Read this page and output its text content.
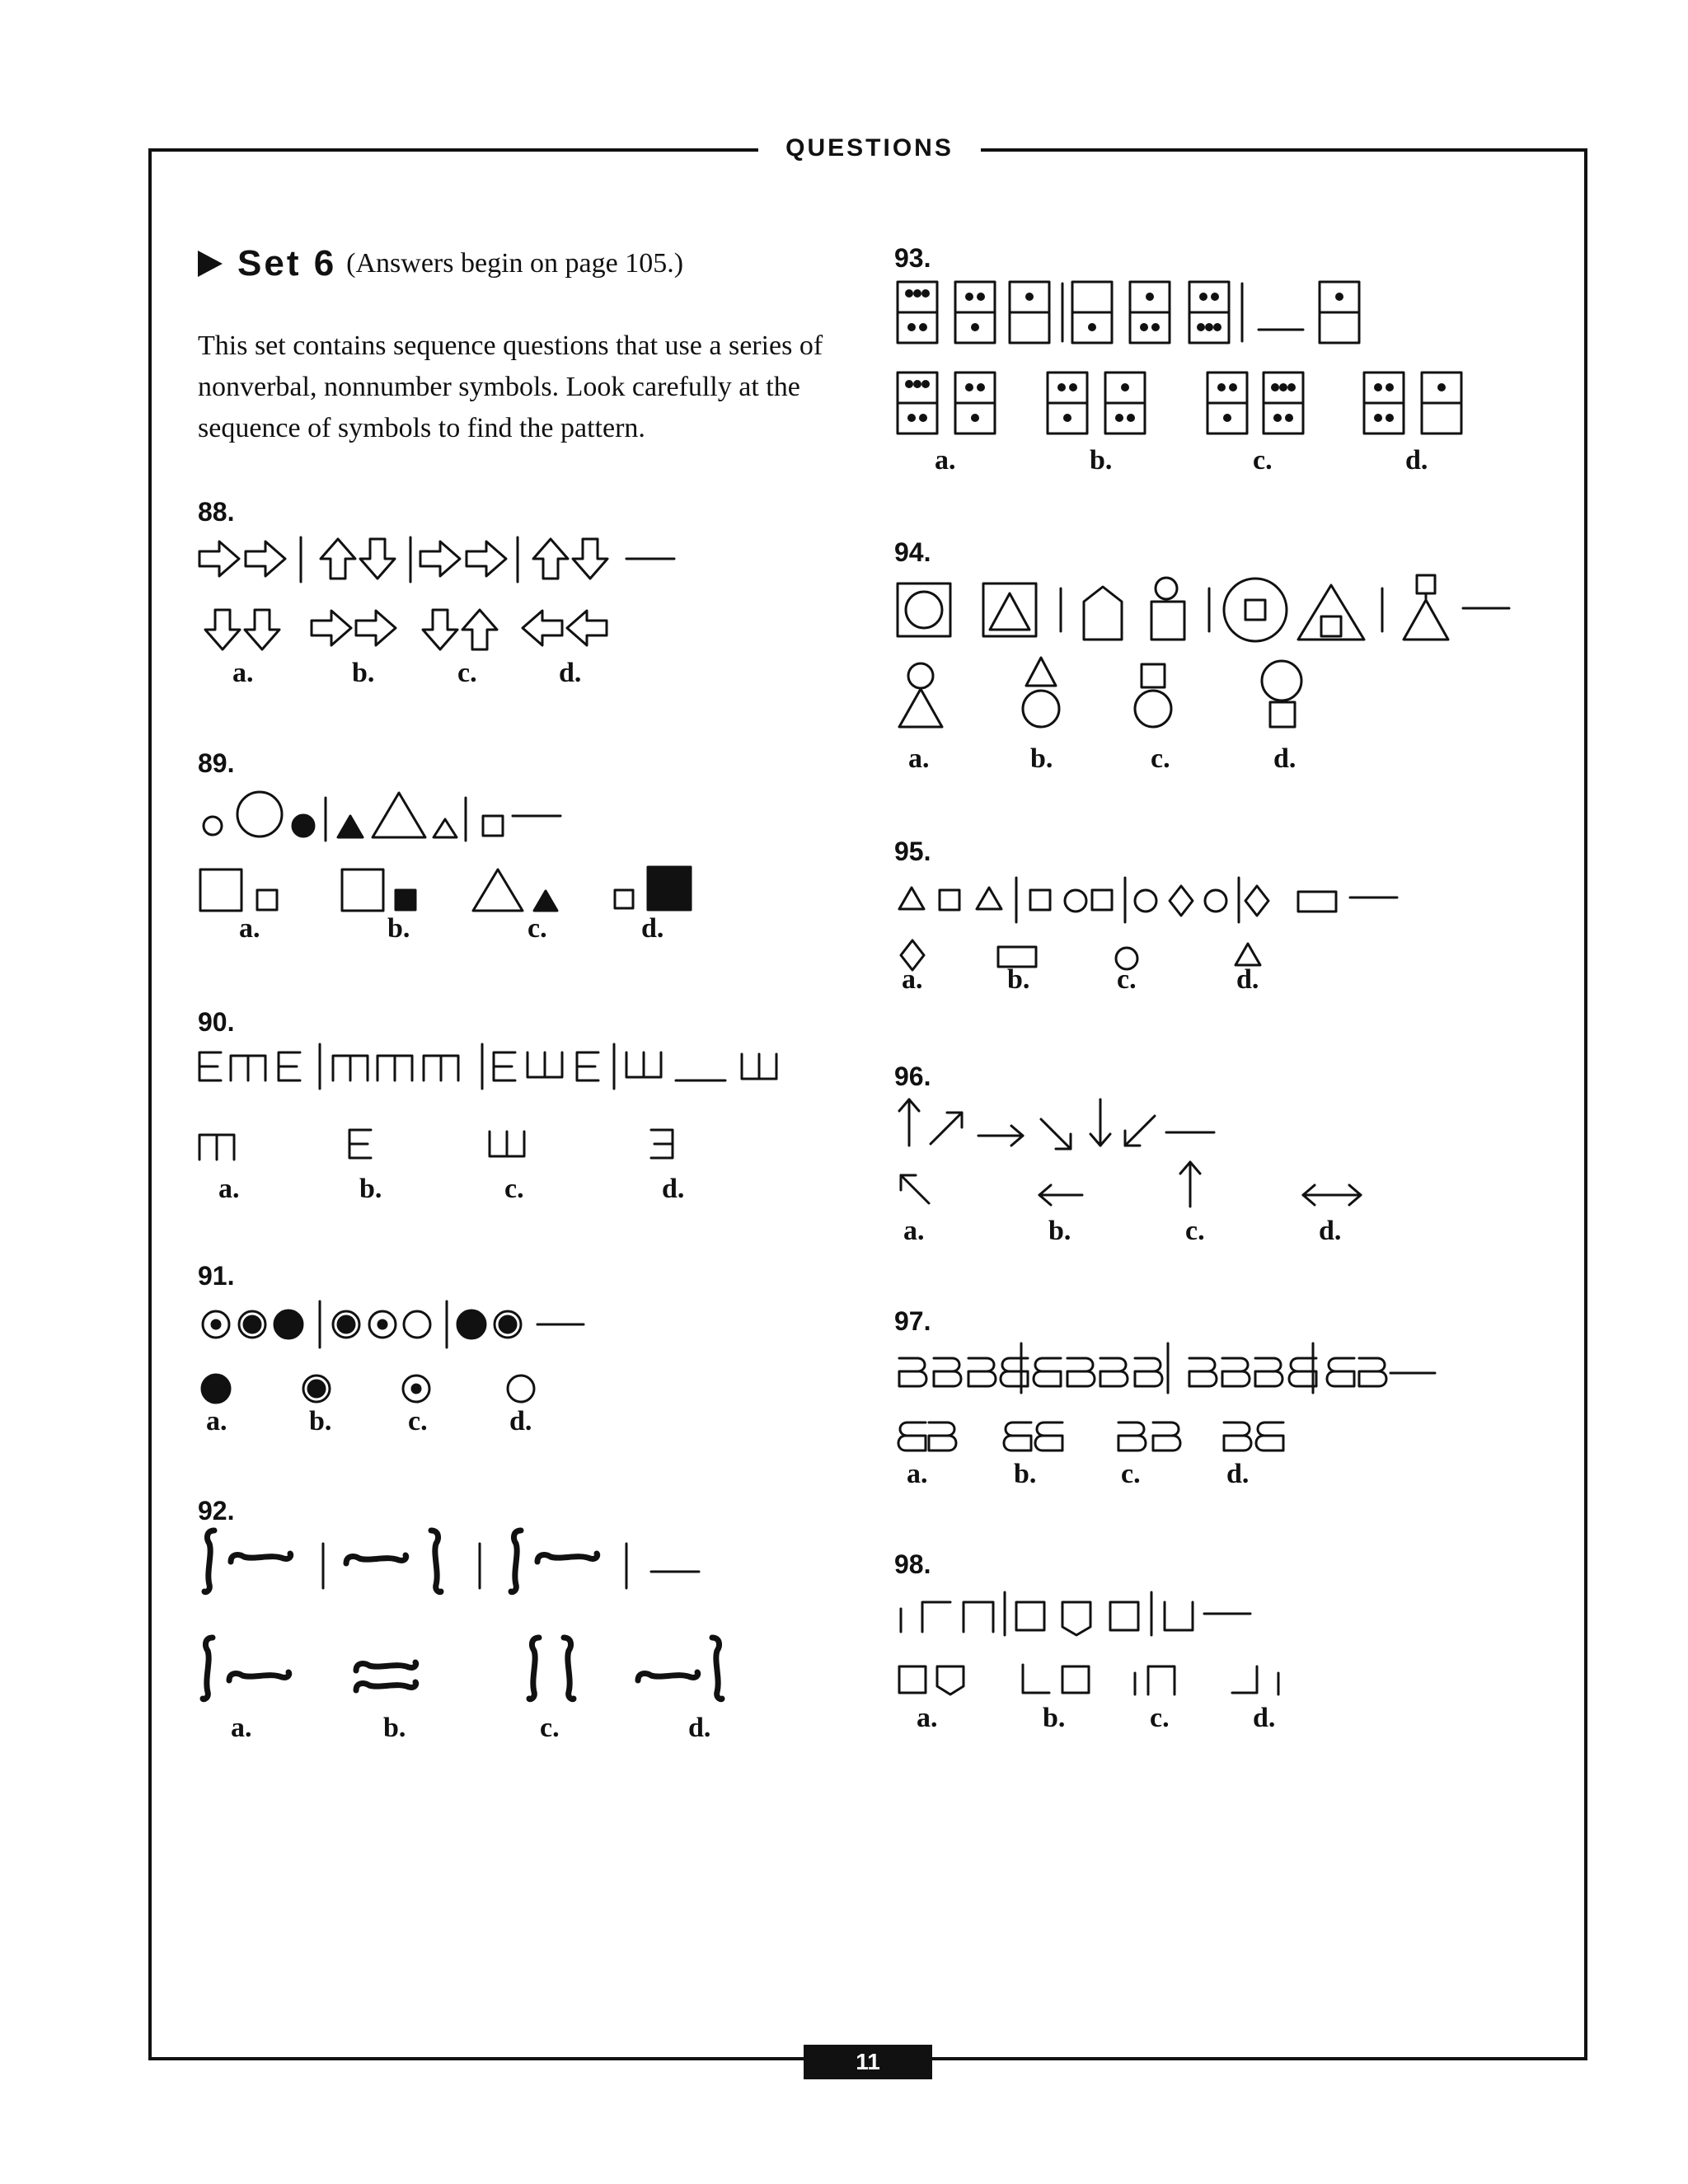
QUESTIONS
11
Set 6 (Answers begin on page 105.)

This set contains sequence questions that use a series of nonverbal, nonnumber symbols. Look carefully at the sequence of symbols to find the pattern.

88.
a.	b.	c.	d.
89.
a.	b.	c.	d.
90.
a.	b.	c.	d.
91.
a.	b.	c.	d.
92.
a.	b.	c.	d.
93.
a.	b.	c.	d.
94.
a.	b.	c.	d.
95.
a.	b.	c.	d.
96.
a.	b.	c.	d.
97.
a.	b.	c.	d.
98.
a.	b.	c.	d.
